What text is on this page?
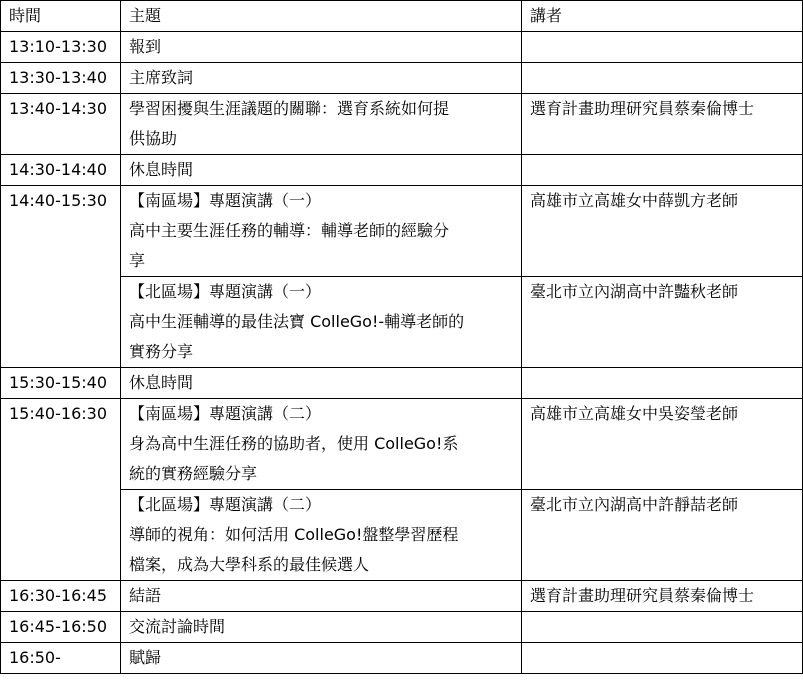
時間	主題	講者
13:10-13:30	報到	

13:30-13:40	主席致詞	

13:40-14:30	學習困擾與生涯議題的關聯：選育系統如何提
供協助	選育計畫助理研究員蔡秦倫博士
14:30-14:40	休息時間	

14:40-15:30	【南區場】專題演講（一）
高中主要生涯任務的輔導：輔導老師的經驗分
享	高雄市立高雄女中薛凱方老師

	【北區場】專題演講（一）
高中生涯輔導的最佳法寶 ColleGo!-輔導老師的
實務分享	臺北市立內湖高中許豔秋老師
15:30-15:40	休息時間	

15:40-16:30	【南區場】專題演講（二）
身為高中生涯任務的協助者，使用 ColleGo!系
統的實務經驗分享	高雄市立高雄女中吳姿瑩老師

	【北區場】專題演講（二）
導師的視角：如何活用 ColleGo!盤整學習歷程
檔案，成為大學科系的最佳候選人	臺北市立內湖高中許靜喆老師
16:30-16:45	結語	選育計畫助理研究員蔡秦倫博士
16:45-16:50	交流討論時間	

16:50-	賦歸	
